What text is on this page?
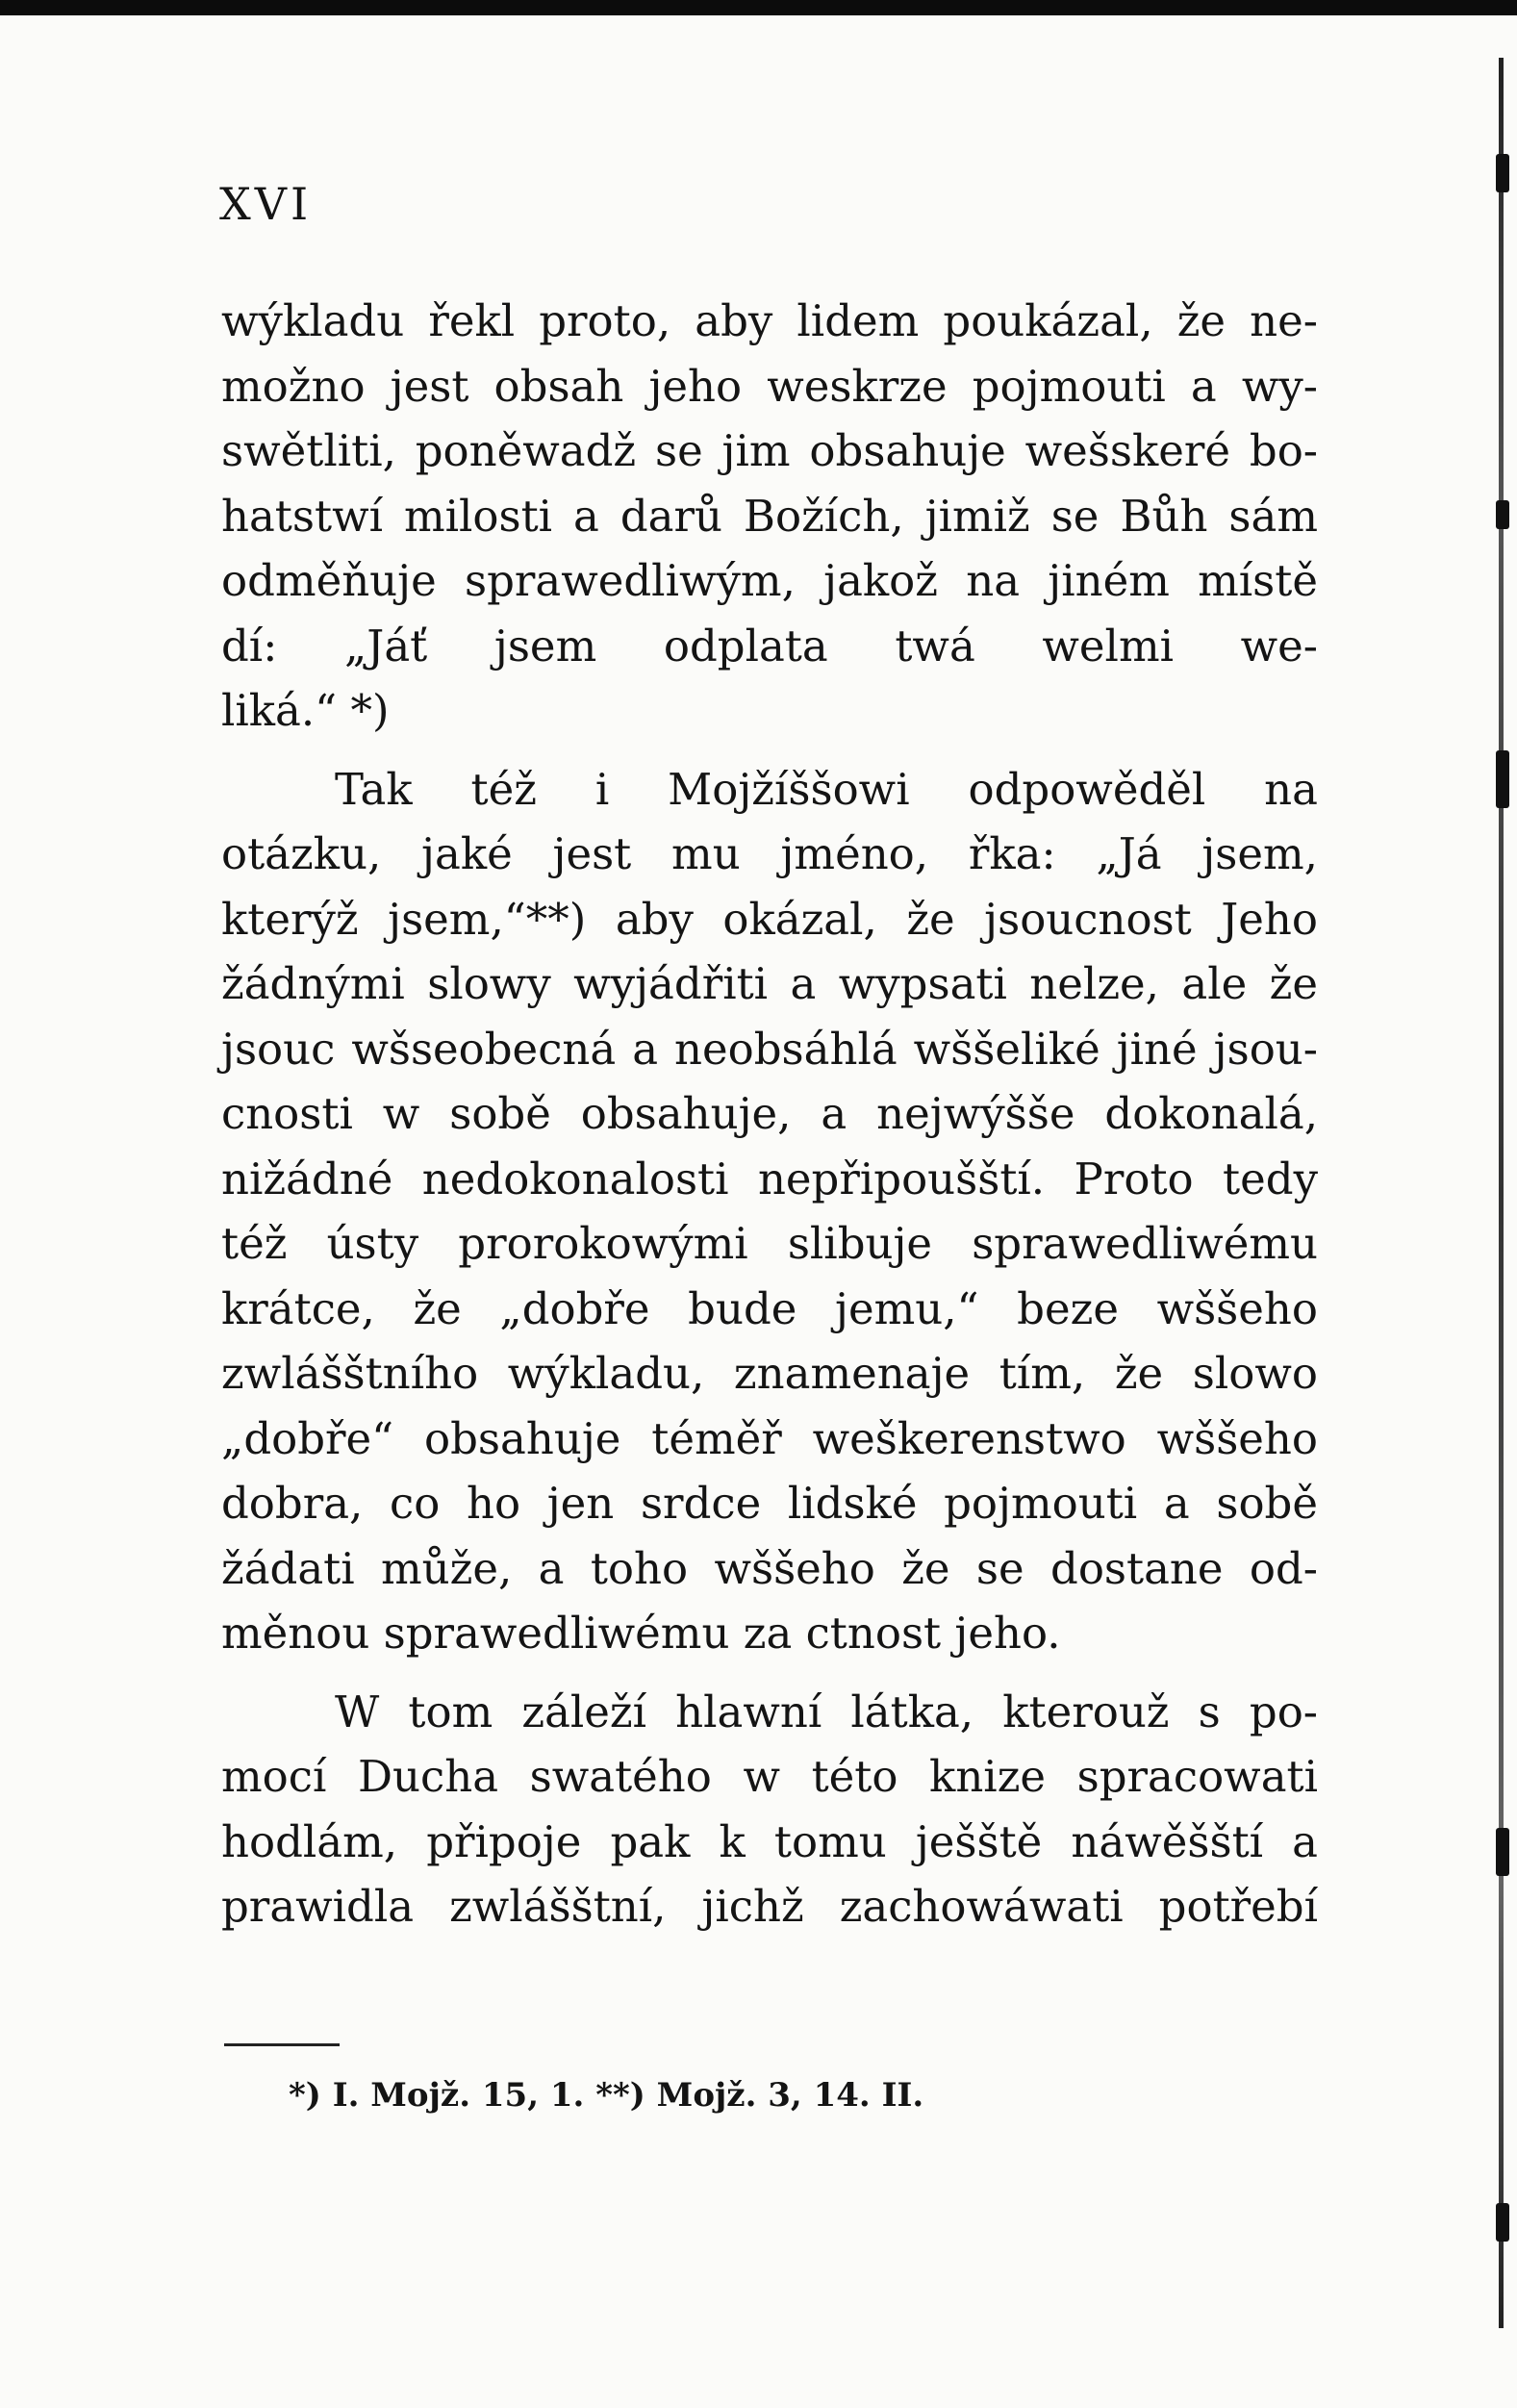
XVI
wýkladu řekl proto, aby lidem poukázal, že ne-
možno jest obsah jeho weskrze pojmouti a wy-
swětliti, poněwadž se jim obsahuje wešskeré bo-
hatstwí milosti a darů Božích, jimiž se Bůh sám
odměňuje sprawedliwým, jakož na jiném místě
dí: „Jáť jsem odplata twá welmi we-
liká.“ *)
Tak též i Mojžíššowi odpowěděl na
otázku, jaké jest mu jméno, řka: „Já jsem,
kterýž jsem,“**) aby okázal, že jsoucnost Jeho
žádnými slowy wyjádřiti a wypsati nelze, ale že
jsouc wšseobecná a neobsáhlá wššeliké jiné jsou-
cnosti w sobě obsahuje, a nejwýšše dokonalá,
nižádné nedokonalosti nepřipoušští. Proto tedy
též ústy prorokowými slibuje sprawedliwému
krátce, že „dobře bude jemu,“ beze wššeho
zwlášštního wýkladu, znamenaje tím, že slowo
„dobře“ obsahuje téměř weškerenstwo wššeho
dobra, co ho jen srdce lidské pojmouti a sobě
žádati může, a toho wššeho že se dostane od-
měnou sprawedliwému za ctnost jeho.
W tom záleží hlawní látka, kterouž s po-
mocí Ducha swatého w této knize spracowati
hodlám, připoje pak k tomu ješště náwěšští a
prawidla zwlášštní, jichž zachowáwati potřebí
*) I. Mojž. 15, 1. **) Mojž. 3, 14. II.
